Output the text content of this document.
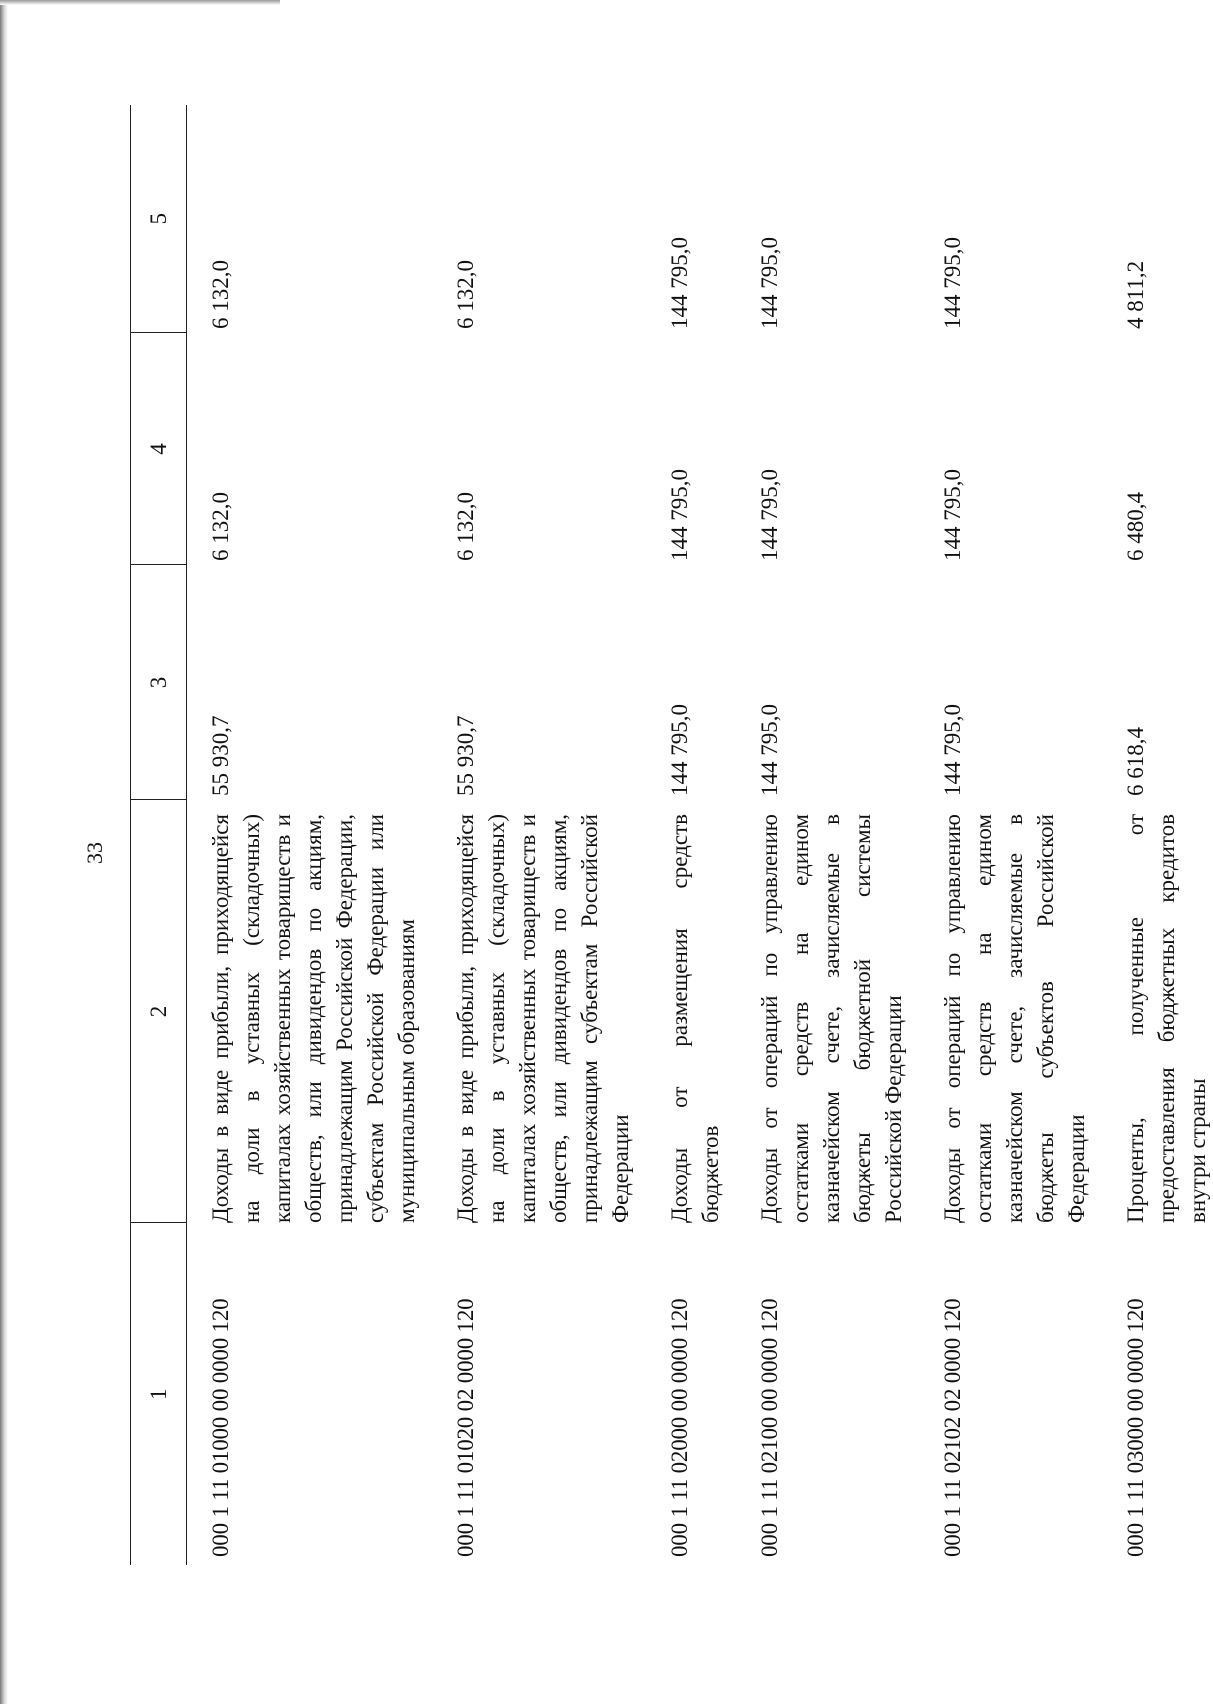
33
1	2	3	4	5
000 1 11 01000 00 0000 120	Доходы в виде прибыли, приходящейся на доли в уставных (складочных) капиталах хозяйственных товариществ и обществ, или дивидендов по акциям, принадлежащим Российской Федерации, субъектам Российской Федерации или муниципальным образованиям	55 930,7	6 132,0	6 132,0
000 1 11 01020 02 0000 120	Доходы в виде прибыли, приходящейся на доли в уставных (складочных) капиталах хозяйственных товариществ и обществ, или дивидендов по акциям, принадлежащим субъектам Российской Федерации	55 930,7	6 132,0	6 132,0
000 1 11 02000 00 0000 120	Доходы от размещения средств бюджетов	144 795,0	144 795,0	144 795,0
000 1 11 02100 00 0000 120	Доходы от операций по управлению остатками средств на едином казначейском счете, зачисляемые в бюджеты бюджетной системы Российской Федерации	144 795,0	144 795,0	144 795,0
000 1 11 02102 02 0000 120	Доходы от операций по управлению остатками средств на едином казначейском счете, зачисляемые в бюджеты субъектов Российской Федерации	144 795,0	144 795,0	144 795,0
000 1 11 03000 00 0000 120	Проценты, полученные от предоставления бюджетных кредитов внутри страны	6 618,4	6 480,4	4 811,2
